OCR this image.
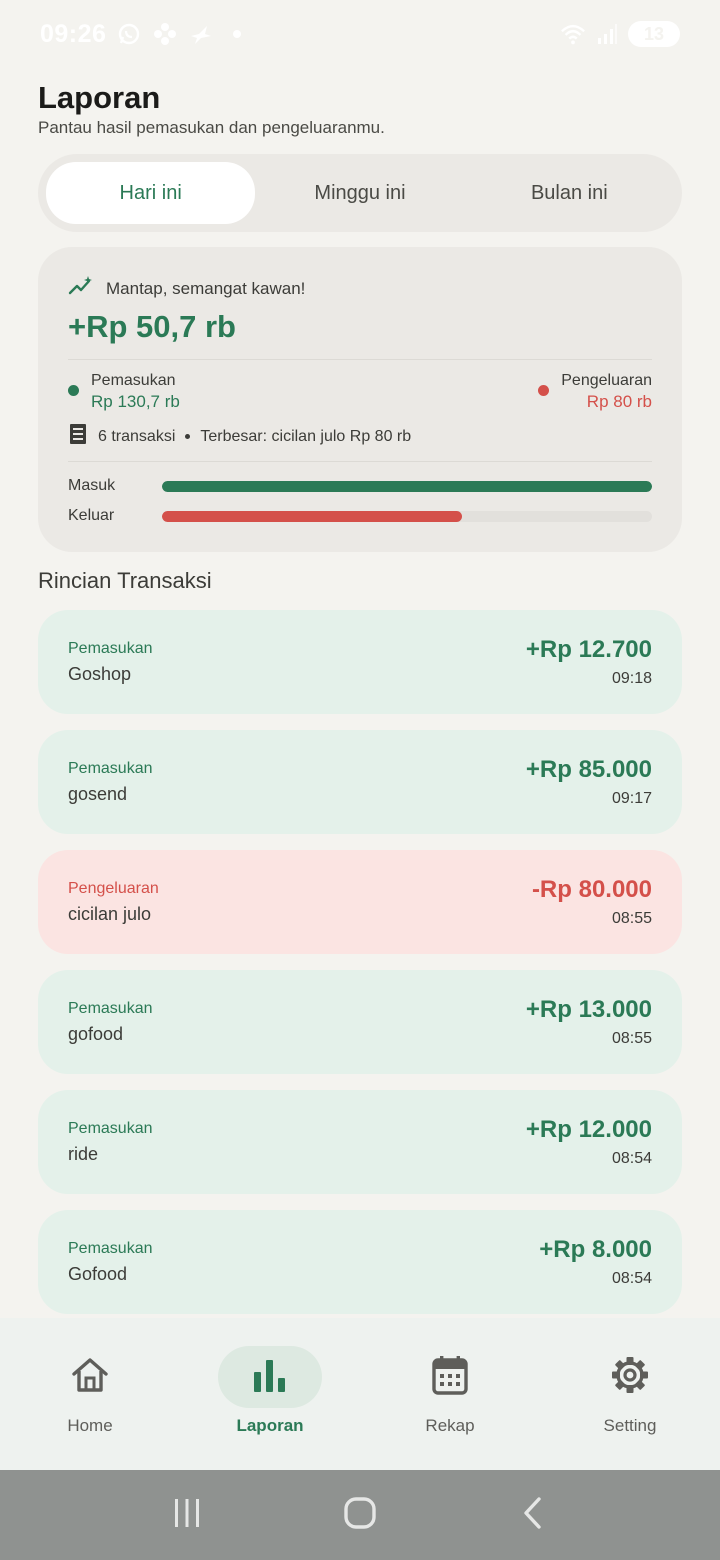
09:26	13
Laporan

Pantau hasil pemasukan dan pengeluaranmu.

Hari ini	Minggu ini	Bulan ini
Mantap, semangat kawan!
+Rp 50,7 rb
Pemasukan
Rp 130,7 rb
Pengeluaran
Rp 80 rb
6 transaksi Terbesar: cicilan julo Rp 80 rb
Masuk
Keluar
Rincian Transaksi
Pemasukan
Goshop
+Rp 12.700
09:18
Pemasukan
gosend
+Rp 85.000
09:17
Pengeluaran
cicilan julo
-Rp 80.000
08:55
Pemasukan
gofood
+Rp 13.000
08:55
Pemasukan
ride
+Rp 12.000
08:54
Pemasukan
Gofood
+Rp 8.000
08:54
Home	Laporan	Rekap	Setting
